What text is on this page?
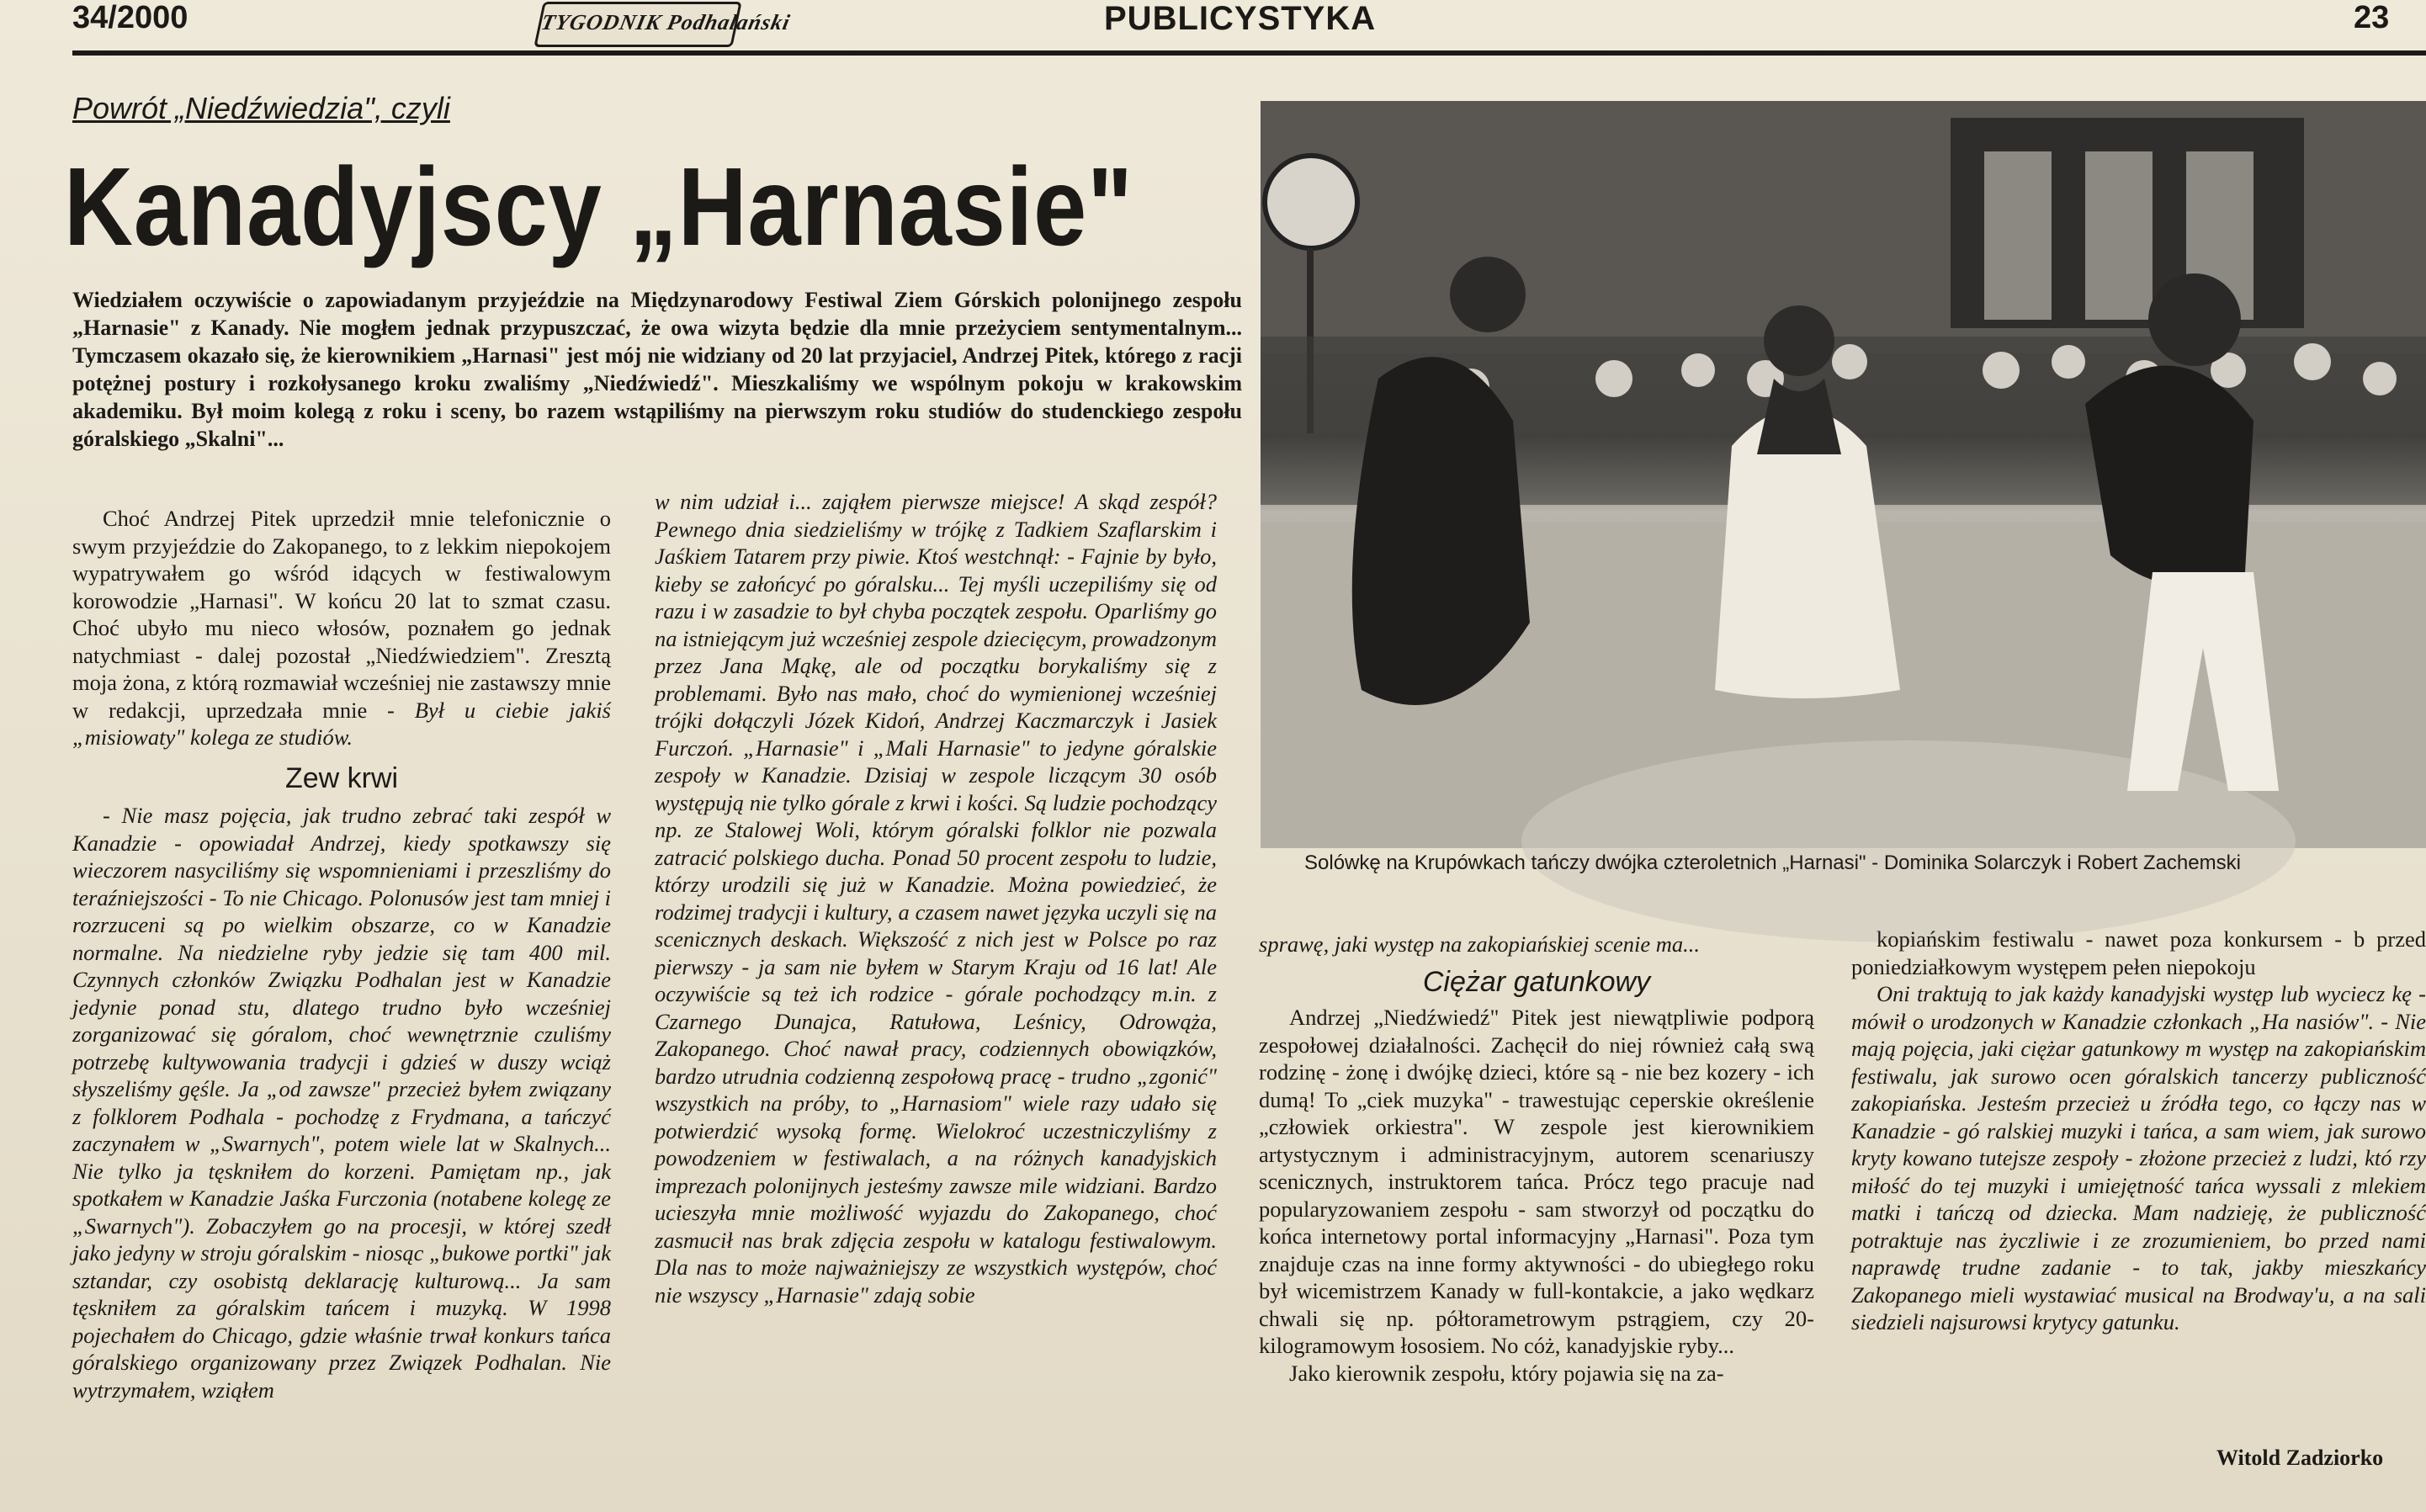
34/2000	TYGODNIK Podhalański	PUBLICYSTYKA	23
Powrót „Niedźwiedzia", czyli
Kanadyjscy „Harnasie"
Wiedziałem oczywiście o zapowiadanym przyjeździe na Międzynarodowy Festiwal Ziem Górskich polonijnego zespołu „Harnasie" z Kanady. Nie mogłem jednak przypuszczać, że owa wizyta będzie dla mnie przeżyciem sentymentalnym... Tymczasem okazało się, że kierownikiem „Harnasi" jest mój nie widziany od 20 lat przyjaciel, Andrzej Pitek, którego z racji potężnej postury i rozkołysanego kroku zwaliśmy „Niedźwiedź". Mieszkaliśmy we wspólnym pokoju w krakowskim akademiku. Był moim kolegą z roku i sceny, bo razem wstąpiliśmy na pierwszym roku studiów do studenckiego zespołu góralskiego „Skalni"...

Choć Andrzej Pitek uprzedził mnie telefonicznie o swym przyjeździe do Zakopanego, to z lekkim niepokojem wypatrywałem go wśród idących w festiwalowym korowodzie „Harnasi". W końcu 20 lat to szmat czasu. Choć ubyło mu nieco włosów, poznałem go jednak natychmiast - dalej pozostał „Niedźwiedziem". Zresztą moja żona, z którą rozmawiał wcześniej nie zastawszy mnie w redakcji, uprzedzała mnie - Był u ciebie jakiś „misiowaty" kolega ze studiów.

Zew krwi

- Nie masz pojęcia, jak trudno zebrać taki zespół w Kanadzie - opowiadał Andrzej, kiedy spotkawszy się wieczorem nasyciliśmy się wspomnieniami i przeszliśmy do teraźniejszości - To nie Chicago. Polonusów jest tam mniej i rozrzuceni są po wielkim obszarze, co w Kanadzie normalne. Na niedzielne ryby jedzie się tam 400 mil. Czynnych członków Związku Podhalan jest w Kanadzie jedynie ponad stu, dlatego trudno było wcześniej zorganizować się góralom, choć wewnętrznie czuliśmy potrzebę kultywowania tradycji i gdzieś w duszy wciąż słyszeliśmy gęśle. Ja „od zawsze" przecież byłem związany z folklorem Podhala - pochodzę z Frydmana, a tańczyć zaczynałem w „Swarnych", potem wiele lat w Skalnych... Nie tylko ja tęskniłem do korzeni. Pamiętam np., jak spotkałem w Kanadzie Jaśka Furczonia (notabene kolegę ze „Swarnych"). Zobaczyłem go na procesji, w której szedł jako jedyny w stroju góralskim - niosąc „bukowe portki" jak sztandar, czy osobistą deklarację kulturową... Ja sam tęskniłem za góralskim tańcem i muzyką. W 1998 pojechałem do Chicago, gdzie właśnie trwał konkurs tańca góralskiego organizowany przez Związek Podhalan. Nie wytrzymałem, wziąłem

w nim udział i... zająłem pierwsze miejsce! A skąd zespół? Pewnego dnia siedzieliśmy w trójkę z Tadkiem Szaflarskim i Jaśkiem Tatarem przy piwie. Ktoś westchnął: - Fajnie by było, kieby se załońcyć po góralsku... Tej myśli uczepiliśmy się od razu i w zasadzie to był chyba początek zespołu. Oparliśmy go na istniejącym już wcześniej zespole dziecięcym, prowadzonym przez Jana Mąkę, ale od początku borykaliśmy się z problemami. Było nas mało, choć do wymienionej wcześniej trójki dołączyli Józek Kidoń, Andrzej Kaczmarczyk i Jasiek Furczoń. „Harnasie" i „Mali Harnasie" to jedyne góralskie zespoły w Kanadzie. Dzisiaj w zespole liczącym 30 osób występują nie tylko górale z krwi i kości. Są ludzie pochodzący np. ze Stalowej Woli, którym góralski folklor nie pozwala zatracić polskiego ducha. Ponad 50 procent zespołu to ludzie, którzy urodzili się już w Kanadzie. Można powiedzieć, że rodzimej tradycji i kultury, a czasem nawet języka uczyli się na scenicznych deskach. Większość z nich jest w Polsce po raz pierwszy - ja sam nie byłem w Starym Kraju od 16 lat! Ale oczywiście są też ich rodzice - górale pochodzący m.in. z Czarnego Dunajca, Ratułowa, Leśnicy, Odrowąża, Zakopanego. Choć nawał pracy, codziennych obowiązków, bardzo utrudnia codzienną zespołową pracę - trudno „zgonić" wszystkich na próby, to „Harnasiom" wiele razy udało się potwierdzić wysoką formę. Wielokroć uczestniczyliśmy z powodzeniem w festiwalach, a na różnych kanadyjskich imprezach polonijnych jesteśmy zawsze mile widziani. Bardzo ucieszyła mnie możliwość wyjazdu do Zakopanego, choć zasmucił nas brak zdjęcia zespołu w katalogu festiwalowym. Dla nas to może najważniejszy ze wszystkich występów, choć nie wszyscy „Harnasie" zdają sobie

Solówkę na Krupówkach tańczy dwójka czteroletnich „Harnasi" - Dominika Solarczyk i Robert Zachemski

sprawę, jaki występ na zakopiańskiej scenie ma...

Ciężar gatunkowy

Andrzej „Niedźwiedź" Pitek jest niewątpliwie podporą zespołowej działalności. Zachęcił do niej również całą swą rodzinę - żonę i dwójkę dzieci, które są - nie bez kozery - ich dumą! To „ciek muzyka" - trawestując ceperskie określenie „człowiek orkiestra". W zespole jest kierownikiem artystycznym i administracyjnym, autorem scenariuszy scenicznych, instruktorem tańca. Prócz tego pracuje nad popularyzowaniem zespołu - sam stworzył od początku do końca internetowy portal informacyjny „Harnasi". Poza tym znajduje czas na inne formy aktywności - do ubiegłego roku był wicemistrzem Kanady w full-kontakcie, a jako wędkarz chwali się np. półtorametrowym pstrągiem, czy 20-kilogramowym łososiem. No cóż, kanadyjskie ryby...

Jako kierownik zespołu, który pojawia się na za-

kopiańskim festiwalu - nawet poza konkursem - b przed poniedziałkowym występem pełen niepokoju

Oni traktują to jak każdy kanadyjski występ lub wyciecz kę - mówił o urodzonych w Kanadzie członkach „Ha nasiów". - Nie mają pojęcia, jaki ciężar gatunkowy m występ na zakopiańskim festiwalu, jak surowo ocen góralskich tancerzy publiczność zakopiańska. Jesteśm przecież u źródła tego, co łączy nas w Kanadzie - gó ralskiej muzyki i tańca, a sam wiem, jak surowo kryty kowano tutejsze zespoły - złożone przecież z ludzi, któ rzy miłość do tej muzyki i umiejętność tańca wyssali z mlekiem matki i tańczą od dziecka. Mam nadzieję, że publiczność potraktuje nas życzliwie i ze zrozumieniem, bo przed nami naprawdę trudne zadanie - to tak, jakby mieszkańcy Zakopanego mieli wystawiać musical na Brodway'u, a na sali siedzieli najsurowsi krytycy gatunku.

Witold Zadziorko
